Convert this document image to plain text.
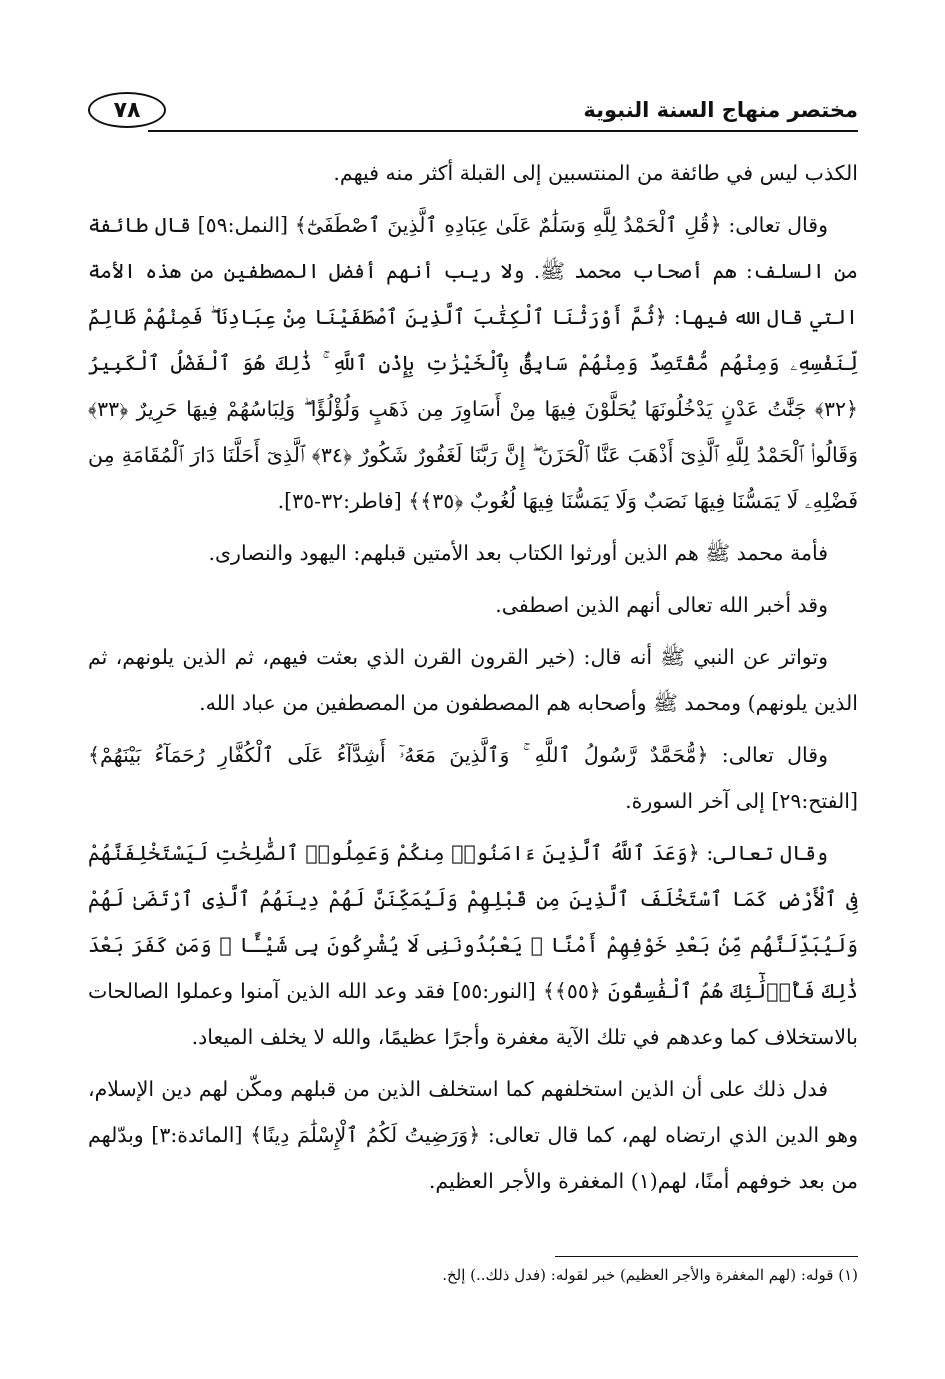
٧٨	مختصر منهاج السنة النبوية

الكذب ليس في طائفة من المنتسبين إلى القبلة أكثر منه فيهم.

وقال تعالى: ﴿قُلِ ٱلْحَمْدُ لِلَّهِ وَسَلَٰمٌ عَلَىٰ عِبَادِهِ ٱلَّذِينَ ٱصْطَفَىٰٓ﴾ [النمل:٥٩] قال طائفة من السلف: هم أصحاب محمد ﷺ. ولا ريب أنهم أفضل المصطفين من هذه الأمة التي قال الله فيها: ﴿ثُمَّ أَوْرَثْنَا ٱلْكِتَٰبَ ٱلَّذِينَ ٱصْطَفَيْنَا مِنْ عِبَادِنَا ۖ فَمِنْهُمْ ظَالِمٌ لِّنَفْسِهِۦ وَمِنْهُم مُّقْتَصِدٌ وَمِنْهُمْ سَابِقٌۢ بِٱلْخَيْرَٰتِ بِإِذْنِ ٱللَّهِ ۚ ذَٰلِكَ هُوَ ٱلْفَضْلُ ٱلْكَبِيرُ ﴿٣٢﴾ جَنَّٰتُ عَدْنٍ يَدْخُلُونَهَا يُحَلَّوْنَ فِيهَا مِنْ أَسَاوِرَ مِن ذَهَبٍ وَلُؤْلُؤًا ۖ وَلِبَاسُهُمْ فِيهَا حَرِيرٌ ﴿٣٣﴾ وَقَالُوا۟ ٱلْحَمْدُ لِلَّهِ ٱلَّذِىٓ أَذْهَبَ عَنَّا ٱلْحَزَنَ ۖ إِنَّ رَبَّنَا لَغَفُورٌ شَكُورٌ ﴿٣٤﴾ ٱلَّذِىٓ أَحَلَّنَا دَارَ ٱلْمُقَامَةِ مِن فَضْلِهِۦ لَا يَمَسُّنَا فِيهَا نَصَبٌ وَلَا يَمَسُّنَا فِيهَا لُغُوبٌ ﴿٣٥﴾﴾ [فاطر:٣٢-٣٥].

فأمة محمد ﷺ هم الذين أورثوا الكتاب بعد الأمتين قبلهم: اليهود والنصارى.

وقد أخبر الله تعالى أنهم الذين اصطفى.

وتواتر عن النبي ﷺ أنه قال: (خير القرون القرن الذي بعثت فيهم، ثم الذين يلونهم، ثم الذين يلونهم) ومحمد ﷺ وأصحابه هم المصطفون من المصطفين من عباد الله.

وقال تعالى: ﴿مُّحَمَّدٌ رَّسُولُ ٱللَّهِ ۚ وَٱلَّذِينَ مَعَهُۥٓ أَشِدَّآءُ عَلَى ٱلْكُفَّارِ رُحَمَآءُ بَيْنَهُمْ﴾ [الفتح:٢٩] إلى آخر السورة.

وقال تعالى: ﴿وَعَدَ ٱللَّهُ ٱلَّذِينَ ءَامَنُوا۟ مِنكُمْ وَعَمِلُوا۟ ٱلصَّٰلِحَٰتِ لَيَسْتَخْلِفَنَّهُمْ فِى ٱلْأَرْضِ كَمَا ٱسْتَخْلَفَ ٱلَّذِينَ مِن قَبْلِهِمْ وَلَيُمَكِّنَنَّ لَهُمْ دِينَهُمُ ٱلَّذِى ٱرْتَضَىٰ لَهُمْ وَلَيُبَدِّلَنَّهُم مِّنۢ بَعْدِ خَوْفِهِمْ أَمْنًا ۚ يَعْبُدُونَنِى لَا يُشْرِكُونَ بِى شَيْـًٔا ۚ وَمَن كَفَرَ بَعْدَ ذَٰلِكَ فَأُو۟لَٰٓئِكَ هُمُ ٱلْفَٰسِقُونَ ﴿٥٥﴾﴾ [النور:٥٥] فقد وعد الله الذين آمنوا وعملوا الصالحات بالاستخلاف كما وعدهم في تلك الآية مغفرة وأجرًا عظيمًا، والله لا يخلف الميعاد.

فدل ذلك على أن الذين استخلفهم كما استخلف الذين من قبلهم ومكّن لهم دين الإسلام، وهو الدين الذي ارتضاه لهم، كما قال تعالى: ﴿وَرَضِيتُ لَكُمُ ٱلْإِسْلَٰمَ دِينًا﴾ [المائدة:٣] وبدّلهم من بعد خوفهم أمنًا، لهم(١) المغفرة والأجر العظيم.

(١) قوله: (لهم المغفرة والأجر العظيم) خبر لقوله: (فدل ذلك..) إلخ.
